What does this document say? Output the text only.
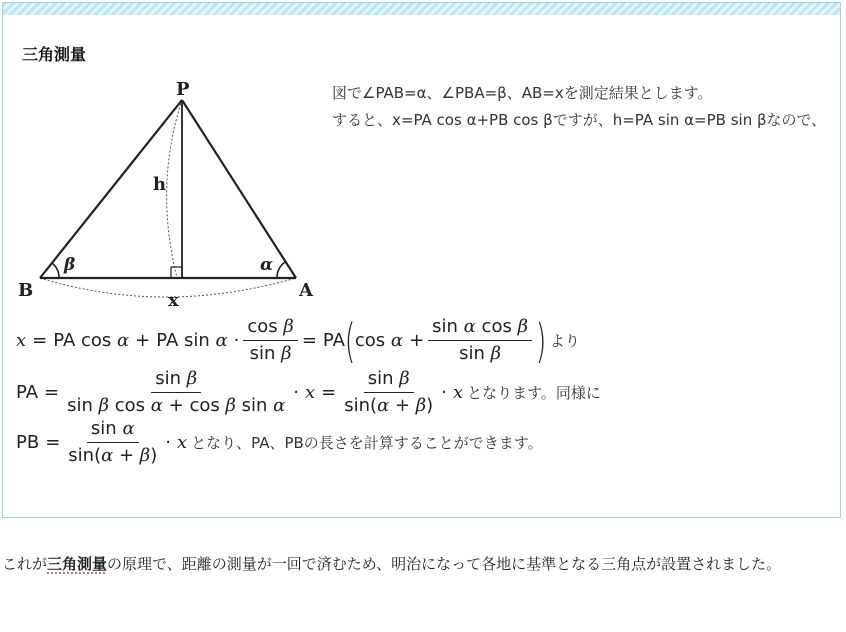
三角測量
P
B	A
h
x
β	α

図で∠PAB=α、∠PBA=β、AB=xを測定結果とします。

すると、x=PA cos α+PB cos βですが、h=PA sin α=PB sin βなので、

x = PA cos α + PA $\sin \alpha \cdot \frac{\text{cos β}}{\text{sin β}}$ = PA ( $\cos \alpha + \frac{\text{sin α cos β}}{\text{sin β}}$ ) より
PA = $\frac{\text{sin β}}{\text{sin β cos α + cos β sin α}} \cdot x = \frac{\text{sin β}}{\sin(\alpha + \beta)} \cdot x$ となります。同様に
PB = $\frac{\text{sin α}}{\sin(\alpha + \beta)} \cdot x$ となり、PA、PBの長さを計算することができます。
これが三角測量の原理で、距離の測量が一回で済むため、明治になって各地に基準となる三角点が設置されました。
